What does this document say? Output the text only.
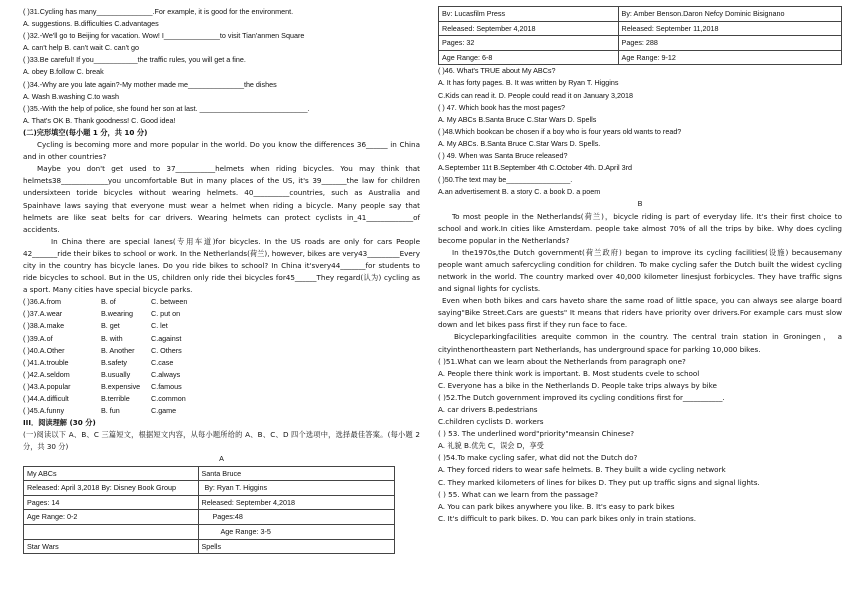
( )31.Cycling has many______________.For example, it is good for the environment.
A. suggestions. B.difficulties C.advantages
( )32.-We'll go to Beijing for vacation. Wow! I______________to visit Tian'anmen Square
A. can't help B. can't wait C. can't go
( )33.Be careful! If you___________the traffic rules, you will get a fine.
A. obey B.follow C. break
( )34.-Why are you late again?-My mother made me______________the dishes
A. Wash B.washing C.to wash
( )35.-With the help of police, she found her son at last. ___________________________.
A. That's OK B. Thank goodness! C. Good idea!
(二)完形填空(每小题 1 分，共 10 分)
Cycling is becoming more and more popular in the world. Do you know the differences 36______ in China and in other countries?
Maybe you don't get used to 37___________helmets when riding bicycles. You may think that helmets38_____________you uncomfortable But in many places of the US, it's 39_______the law for children undersixteen toride bicycles without wearing helmets. 40__________countries, such as Australia and Spainhave laws saying that everyone must wear a helmet when riding a bicycle. Many people say that helmets are like seat belts for car drivers. Wearing helmets can protect cyclists in_41_____________of accidents.
In China there are special lanes(专用车道)for bicycles. In the US roads are only for cars People 42_______ride their bikes to school or work. In the Netherlands(荷兰), however, bikes are very43_________Every city in the country has bicycle lanes. Do you ride bikes to school? In China it'svery44_______for students to ride bicycles to school. But in the US, children only ride thei bicycles for45______They regard(认为) cycling as a sport. Many cities have special bicycle parks.
( )36.A.from	B. of	C. between
( )37.A.wear	B.wearing	C. put on
( )38.A.make	B. get	C. let
( )39.A.of	B. with	C.against
( )40.A.Other	B. Another	C. Others
( )41.A.trouble	B.safety	C.case
( )42.A.seldom	B.usually	C.always
( )43.A.popular	B.expensive	C.famous
( )44.A.difficult	B.terrible	C.common
( )45.A.funny	B. fun	C.game
III．阅读理解 (30 分)
(一)阅读以下 A、B、C 三篇短文，根据短文内容，从每小题所给的 A、B、C、D 四个选项中，选择最佳答案。(每小题 2 分，共 30 分)
A
My ABCs	Santa Bruce
Released: April 3,2018 By: Disney Book Group	By: Ryan T. Higgins
Pages: 14	Released: September 4,2018
Age Range: 0-2	Pages:48
	Age Range: 3-5
Star Wars	Spells
Bv: Lucasfilm Press	By: Amber Benson.Daron Nefcy Dominic Bisignano
Released: September 4,2018	Released: September 11,2018
Pages: 32	Pages: 288
Age Range: 6-8	Age Range: 9-12
( )46. What's TRUE about My ABCs?
A. It has forty pages. B. It was written by Ryan T. Higgins
C.Kids can read it. D. People could read it on January 3,2018
( ) 47. Which book has the most pages?
A. My ABCs B.Santa Bruce C.Star Wars D. Spells
( )48.Which bookcan be chosen if a boy who is four years old wants to read?
A. My ABCs. B.Santa Bruce C.Star Wars D. Spells.
( ) 49. When was Santa Bruce released?
A.September 11t B.September 4th C.October 4th. D.April 3rd
( )50.The text may be________________.
A.an advertisement B. a story C. a book D. a poem
B
To most people in the Netherlands(荷兰)，bicycle riding is part of everyday life. It's their first choice to school and work.In cities like Amsterdam. people take almost 70% of all the trips by bike. Why does cycling become popular in the Netherlands?
In the1970s,the Dutch government(荷兰政府) began to improve its cycling facilities(设施) becausemany people want amuch safercycling condition for children. To make cycling safer the Dutch built the widest cycling network in the world. The country marked over 40,000 kilometer linesjust forbicycles. They have traffic signs and signal lights for cyclists.
Even when both bikes and cars haveto share the same road of little space, you can always see alarge board saying"Bike Street.Cars are guests" It means that riders have priority over drivers.For example cars must slow down and let bikes pass first if they run face to face.
Bicycleparkingfacilities arequite common in the country. The central train station in Groningen， a cityinthenortheastern part Netherlands, has underground space for parking 10,000 bikes.
( )51.What can we learn about the Netherlands from paragraph one?
A. People there think work is important. B. Most students cvele to school
C. Everyone has a bike in the Netherlands D. People take trips always by bike
( )52.The Dutch government improved its cycling conditions first for___________.
A. car drivers B.pedestrians
C.children cyclists D. workers
( ) 53. The underlined word"priority"meansin Chinese?
A. 礼貌 B.优先 C，误会 D，享受
( )54.To make cycling safer, what did not the Dutch do?
A. They forced riders to wear safe helmets. B. They built a wide cycling network
C. They marked kilometers of lines for bikes D. They put up traffic signs and signal lights.
( ) 55. What can we learn from the passage?
A. You can park bikes anywhere you like. B. It's easy to park bikes
C. It's difficult to park bikes. D. You can park bikes only in train stations.
